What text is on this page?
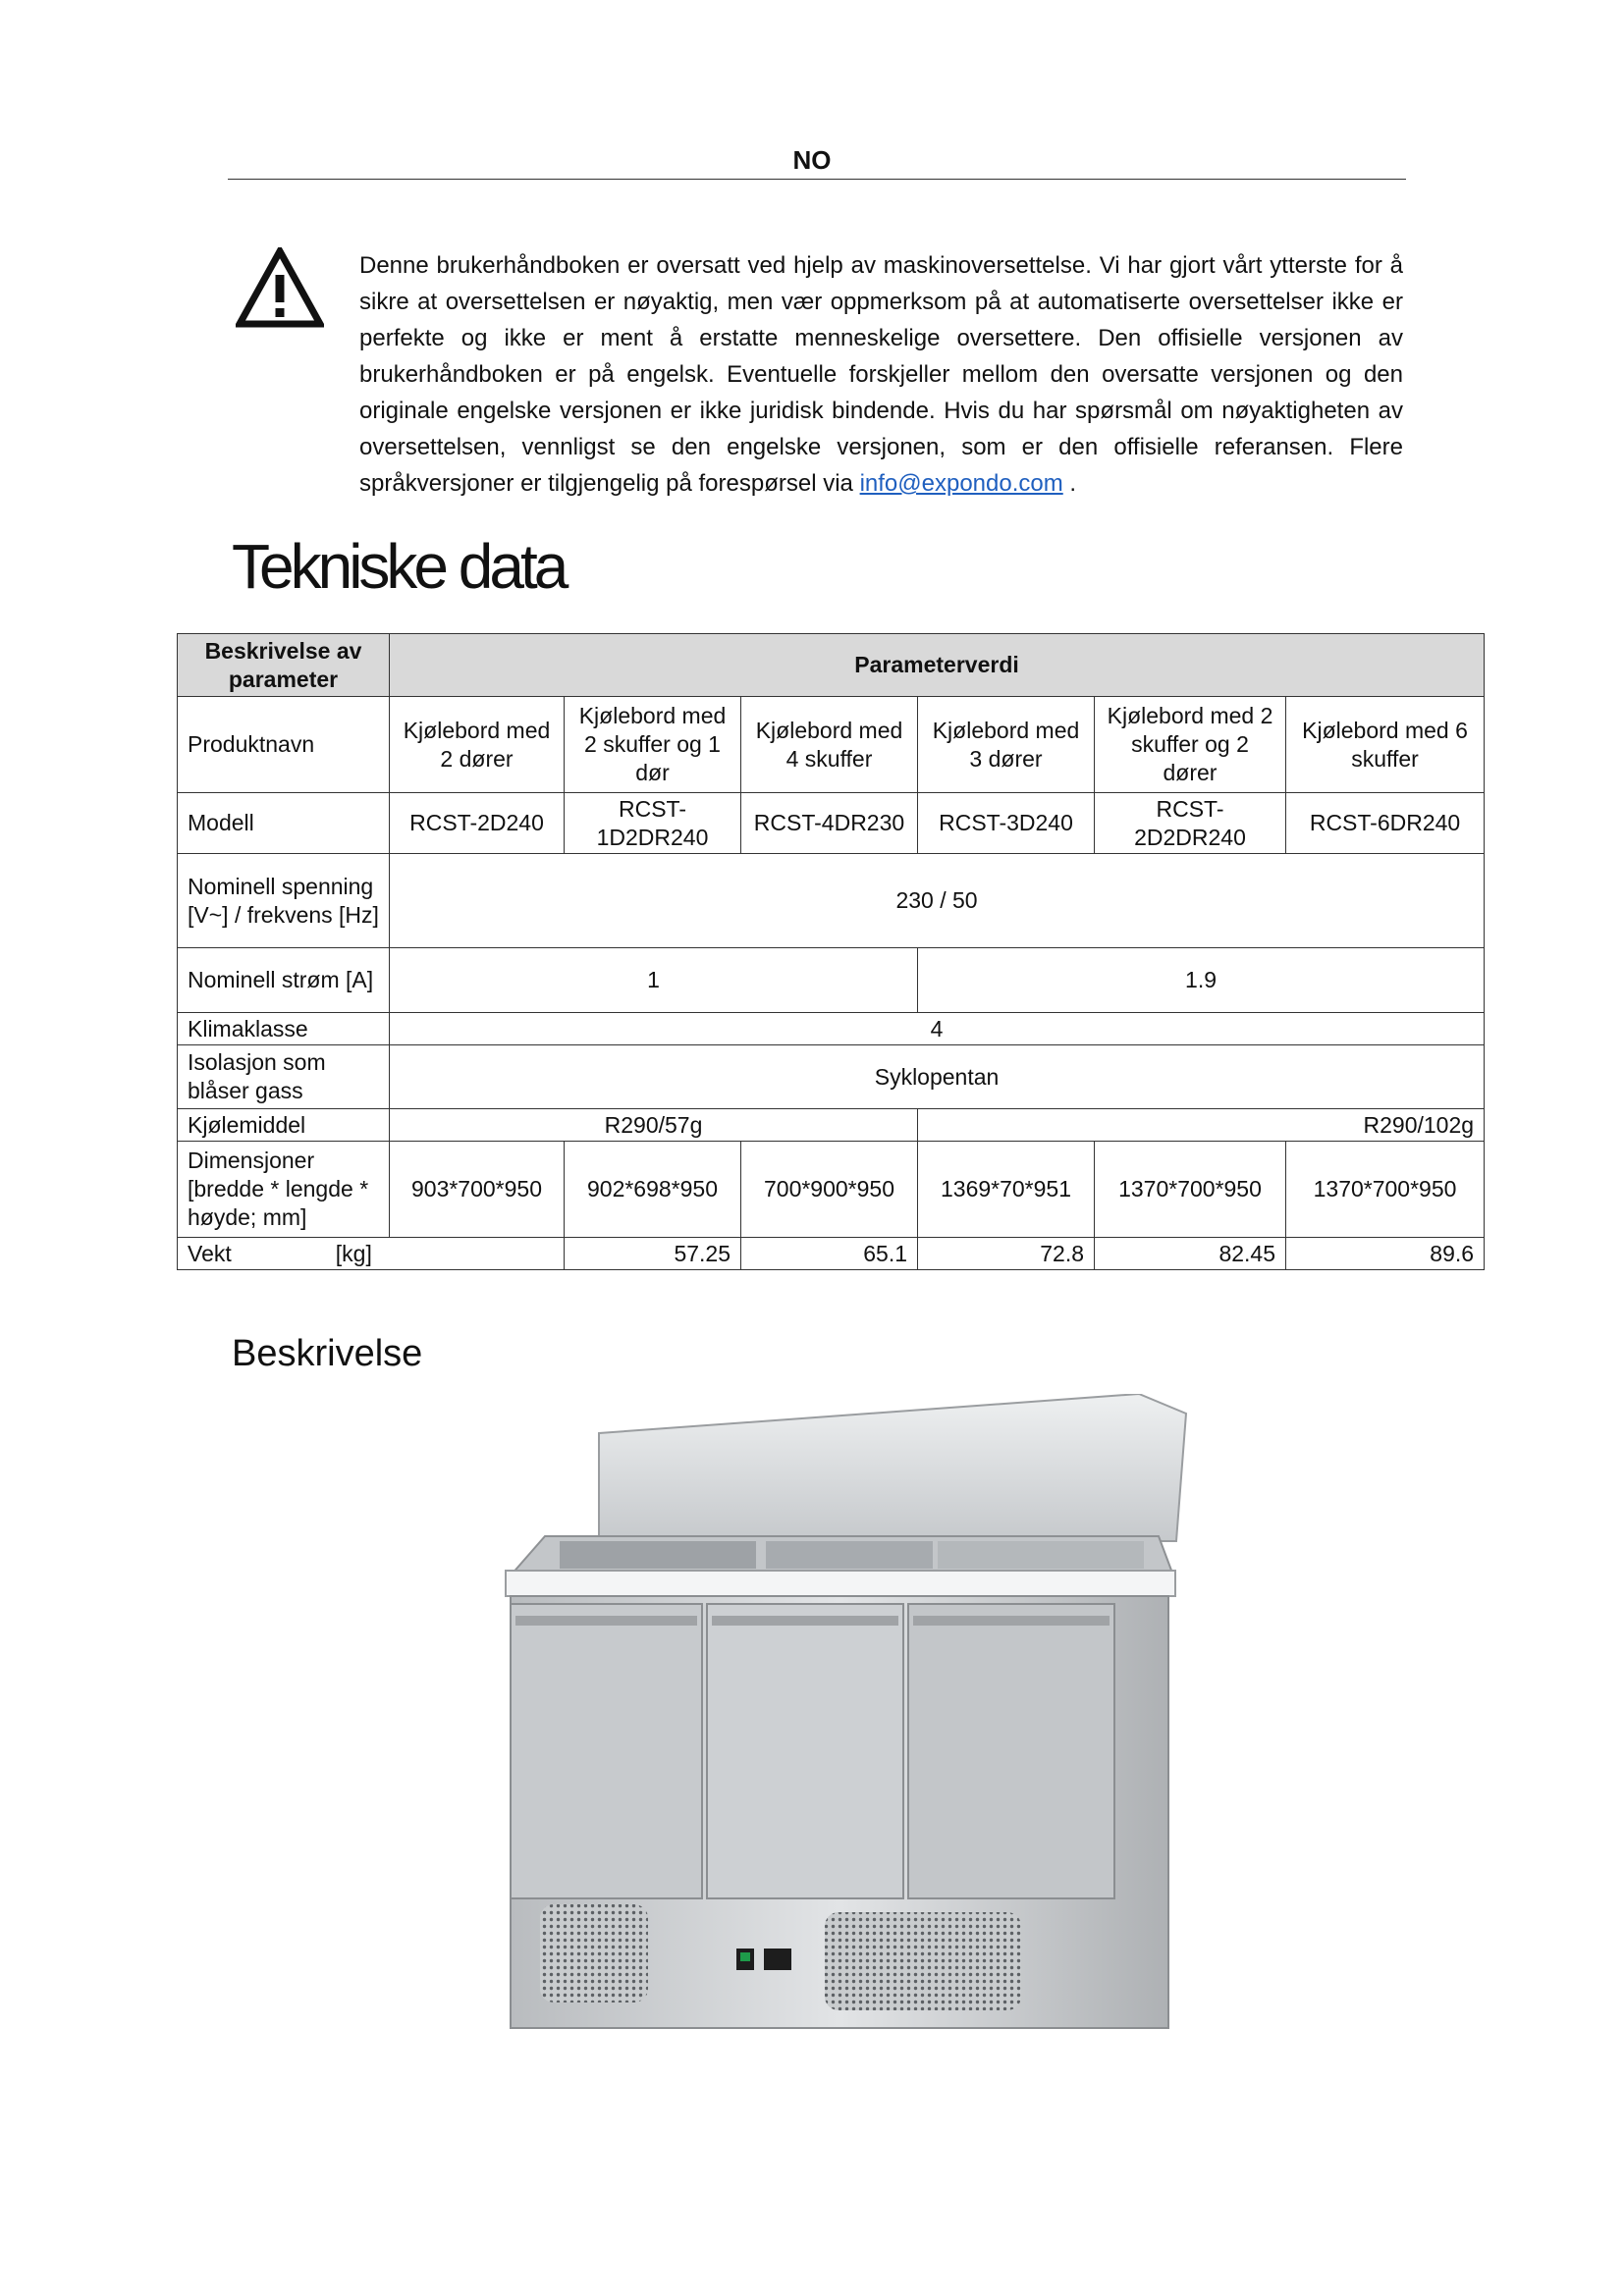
NO

Denne brukerhåndboken er oversatt ved hjelp av maskinoversettelse. Vi har gjort vårt ytterste for å sikre at oversettelsen er nøyaktig, men vær oppmerksom på at automatiserte oversettelser ikke er perfekte og ikke er ment å erstatte menneskelige oversettere. Den offisielle versjonen av brukerhåndboken er på engelsk. Eventuelle forskjeller mellom den oversatte versjonen og den originale engelske versjonen er ikke juridisk bindende. Hvis du har spørsmål om nøyaktigheten av oversettelsen, vennligst se den engelske versjonen, som er den offisielle referansen. Flere språkversjoner er tilgjengelig på forespørsel via info@expondo.com .

Tekniske data
Beskrivelse av parameter	Parameterverdi					
Produktnavn	Kjølebord med 2 dører	Kjølebord med 2 skuffer og 1 dør	Kjølebord med 4 skuffer	Kjølebord med 3 dører	Kjølebord med 2 skuffer og 2 dører	Kjølebord med 6 skuffer
Modell	RCST-2D240	RCST-1D2DR240	RCST-4DR230	RCST-3D240	RCST-2D2DR240	RCST-6DR240
Nominell spenning [V~] / frekvens [Hz]	230 / 50					
Nominell strøm [A]	1			1.9		
Klimaklasse	4					
Isolasjon som blåser gass	Syklopentan					
Kjølemiddel	R290/57g			R290/102g		
Dimensjoner [bredde * lengde * høyde; mm]	903*700*950	902*698*950	700*900*950	1369*70*951	1370*700*950	1370*700*950
Vekt [kg]		57.25	65.1	72.8	82.45	89.6
Beskrivelse
